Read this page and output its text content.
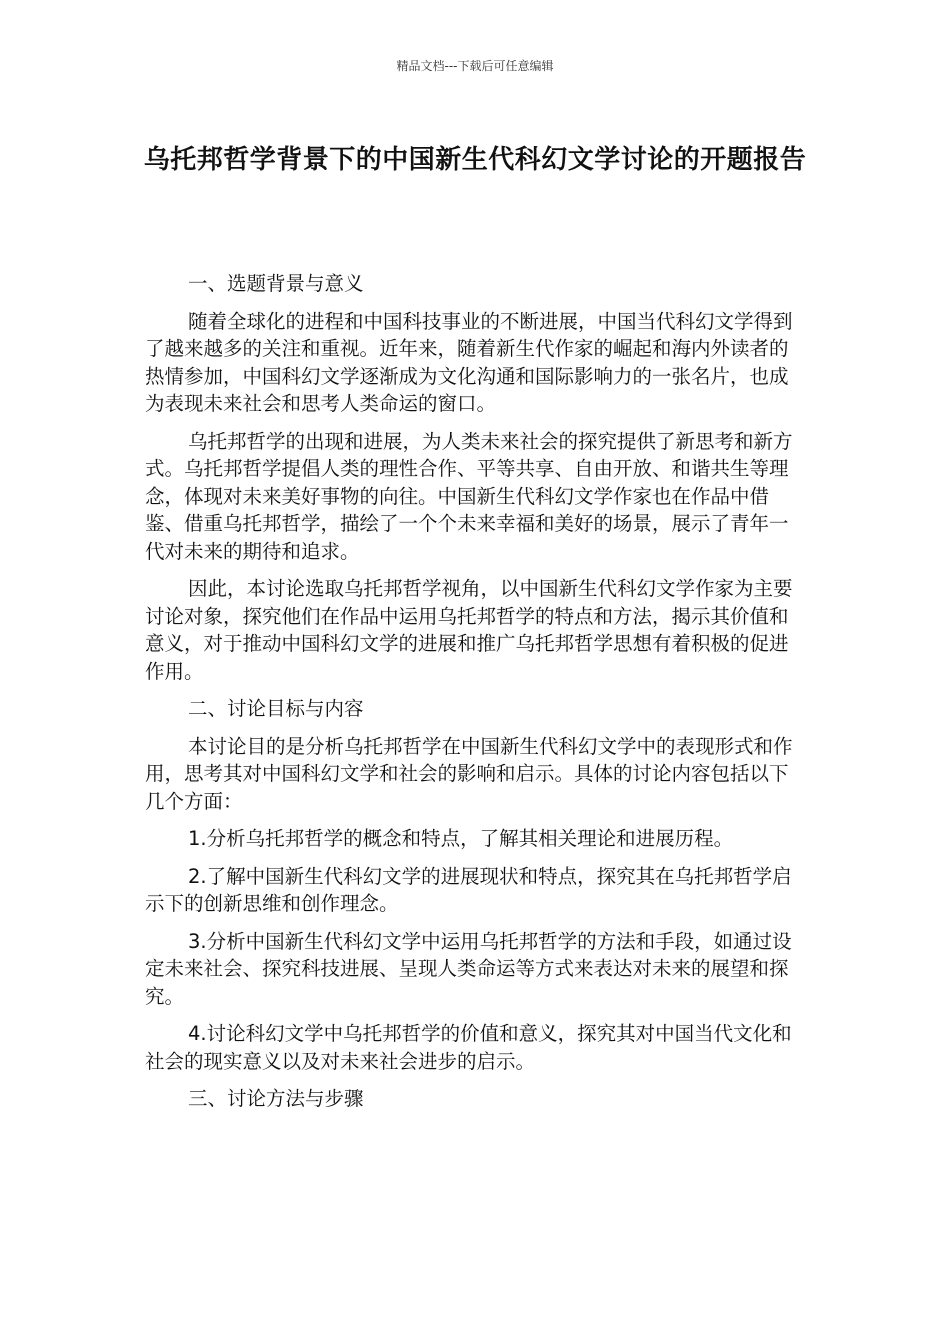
精品文档---下载后可任意编辑
乌托邦哲学背景下的中国新生代科幻文学讨论的开题报告

一、选题背景与意义

随着全球化的进程和中国科技事业的不断进展，中国当代科幻文学得到了越来越多的关注和重视。近年来，随着新生代作家的崛起和海内外读者的热情参加，中国科幻文学逐渐成为文化沟通和国际影响力的一张名片，也成为表现未来社会和思考人类命运的窗口。

乌托邦哲学的出现和进展，为人类未来社会的探究提供了新思考和新方式。乌托邦哲学提倡人类的理性合作、平等共享、自由开放、和谐共生等理念，体现对未来美好事物的向往。中国新生代科幻文学作家也在作品中借鉴、借重乌托邦哲学，描绘了一个个未来幸福和美好的场景，展示了青年一代对未来的期待和追求。

因此，本讨论选取乌托邦哲学视角，以中国新生代科幻文学作家为主要讨论对象，探究他们在作品中运用乌托邦哲学的特点和方法，揭示其价值和意义，对于推动中国科幻文学的进展和推广乌托邦哲学思想有着积极的促进作用。

二、讨论目标与内容

本讨论目的是分析乌托邦哲学在中国新生代科幻文学中的表现形式和作用，思考其对中国科幻文学和社会的影响和启示。具体的讨论内容包括以下几个方面：

1.分析乌托邦哲学的概念和特点，了解其相关理论和进展历程。

2.了解中国新生代科幻文学的进展现状和特点，探究其在乌托邦哲学启示下的创新思维和创作理念。

3.分析中国新生代科幻文学中运用乌托邦哲学的方法和手段，如通过设定未来社会、探究科技进展、呈现人类命运等方式来表达对未来的展望和探究。

4.讨论科幻文学中乌托邦哲学的价值和意义，探究其对中国当代文化和社会的现实意义以及对未来社会进步的启示。

三、讨论方法与步骤
